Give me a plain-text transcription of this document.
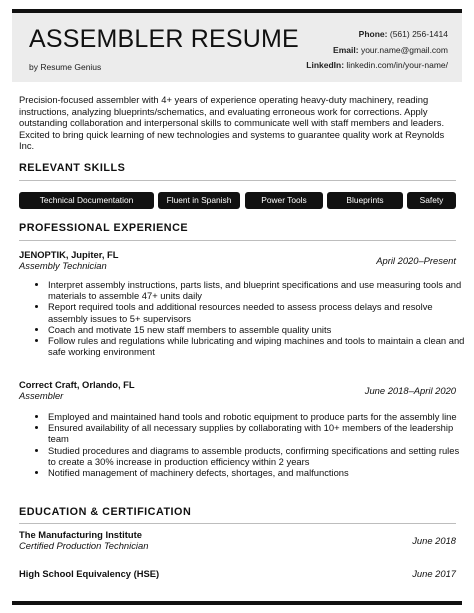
ASSEMBLER RESUME
by Resume Genius
Phone: (561) 256-1414
Email: your.name@gmail.com
LinkedIn: linkedin.com/in/your-name/
Precision-focused assembler with 4+ years of experience operating heavy-duty machinery, reading instructions, analyzing blueprints/schematics, and evaluating erroneous work for corrections. Apply outstanding collaboration and interpersonal skills to communicate well with staff members and leaders. Excited to bring quick learning of new technologies and systems to guarantee quality work at Reynolds Inc.
RELEVANT SKILLS
Technical Documentation	Fluent in Spanish	Power Tools	Blueprints	Safety
PROFESSIONAL EXPERIENCE
JENOPTIK, Jupiter, FL
April 2020–Present
Assembly Technician
• Interpret assembly instructions, parts lists, and blueprint specifications and use measuring tools and materials to assemble 47+ units daily
• Report required tools and additional resources needed to assess process delays and resolve assembly issues to 5+ supervisors
• Coach and motivate 15 new staff members to assemble quality units
• Follow rules and regulations while lubricating and wiping machines and tools to maintain a clean and safe working environment
Correct Craft, Orlando, FL
June 2018–April 2020
Assembler
• Employed and maintained hand tools and robotic equipment to produce parts for the assembly line
• Ensured availability of all necessary supplies by collaborating with 10+ members of the leadership team
• Studied procedures and diagrams to assemble products, confirming specifications and setting rules to create a 30% increase in production efficiency within 2 years
• Notified management of machinery defects, shortages, and malfunctions
EDUCATION & CERTIFICATION
The Manufacturing Institute
Certified Production Technician	June 2018
High School Equivalency (HSE)	June 2017
